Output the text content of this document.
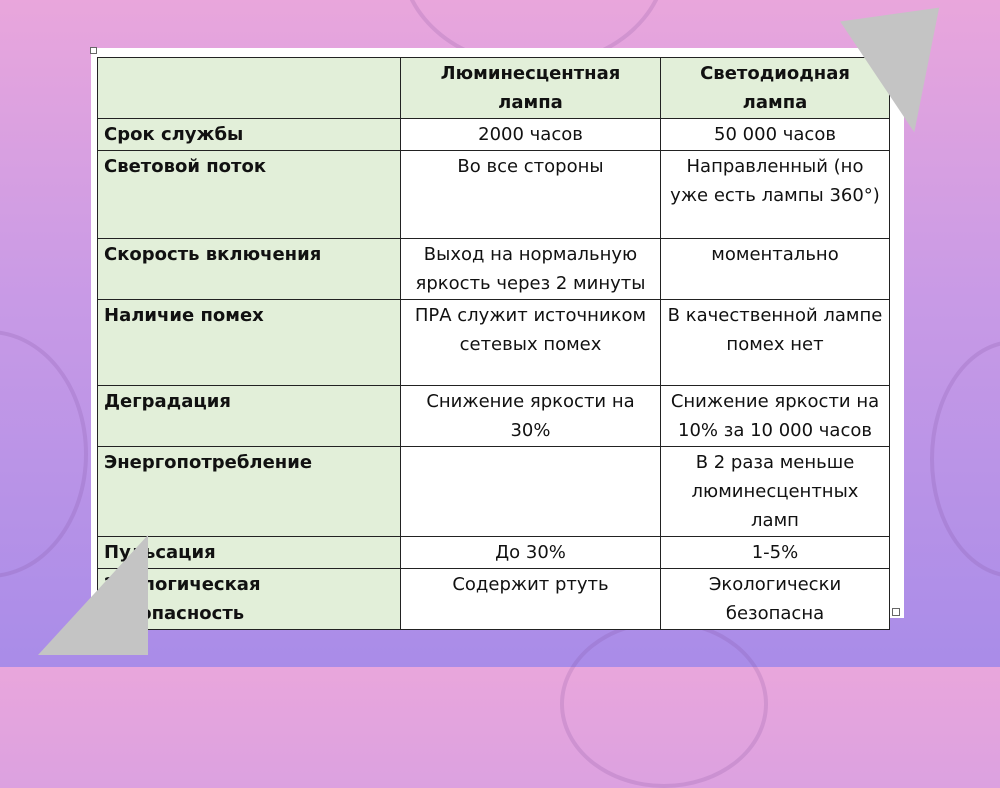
	Люминесцентная лампа	Светодиодная лампа
Срок службы	2000 часов	50 000 часов
Световой поток	Во все стороны	Направленный (но уже есть лампы 360°)
Скорость включения	Выход на нормальную яркость через 2 минуты	моментально
Наличие помех	ПРА служит источником сетевых помех	В качественной лампе помех нет
Деградация	Снижение яркости на 30%	Снижение яркости на 10% за 10 000 часов
Энергопотребление		В 2 раза меньше люминесцентных ламп
Пульсация	До 30%	1-5%
Экологическая безопасность	Содержит ртуть	Экологически безопасна
